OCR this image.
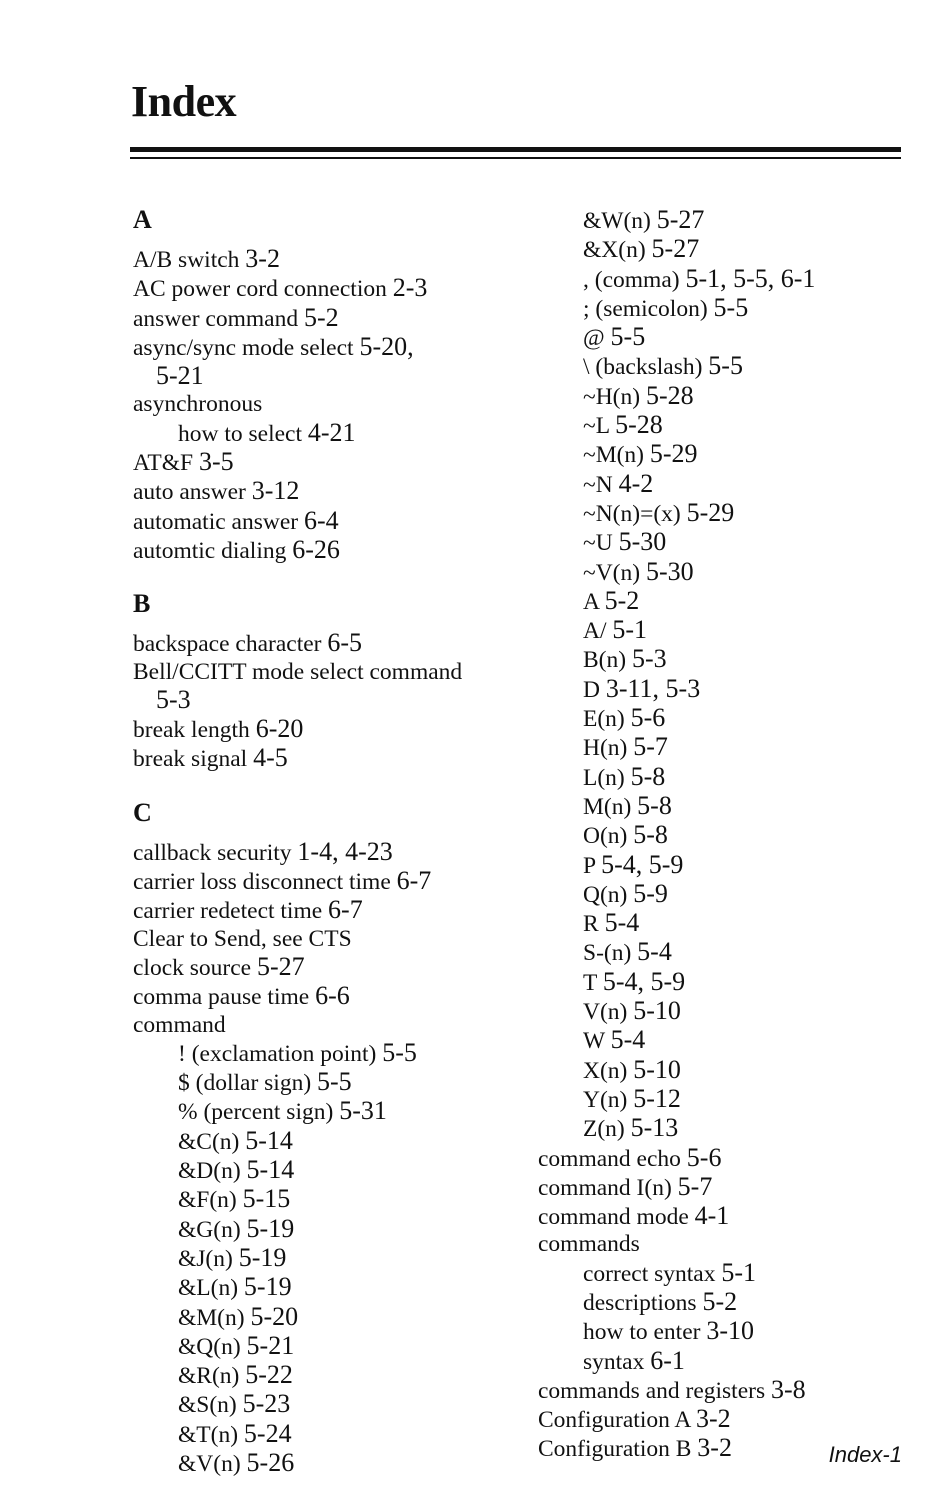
Index
A
A/B switch 3-2
AC power cord connection 2-3
answer command 5-2
async/sync mode select 5-20,
5-21
asynchronous
how to select 4-21
AT&F 3-5
auto answer 3-12
automatic answer 6-4
automtic dialing 6-26
B
backspace character 6-5
Bell/CCITT mode select command
5-3
break length 6-20
break signal 4-5
C
callback security 1-4, 4-23
carrier loss disconnect time 6-7
carrier redetect time 6-7
Clear to Send, see CTS
clock source 5-27
comma pause time 6-6
command
! (exclamation point) 5-5
$ (dollar sign) 5-5
% (percent sign) 5-31
&C(n) 5-14
&D(n) 5-14
&F(n) 5-15
&G(n) 5-19
&J(n) 5-19
&L(n) 5-19
&M(n) 5-20
&Q(n) 5-21
&R(n) 5-22
&S(n) 5-23
&T(n) 5-24
&V(n) 5-26
&W(n) 5-27
&X(n) 5-27
, (comma) 5-1, 5-5, 6-1
; (semicolon) 5-5
@ 5-5
\ (backslash) 5-5
~H(n) 5-28
~L 5-28
~M(n) 5-29
~N 4-2
~N(n)=(x) 5-29
~U 5-30
~V(n) 5-30
A 5-2
A/ 5-1
B(n) 5-3
D 3-11, 5-3
E(n) 5-6
H(n) 5-7
L(n) 5-8
M(n) 5-8
O(n) 5-8
P 5-4, 5-9
Q(n) 5-9
R 5-4
S-(n) 5-4
T 5-4, 5-9
V(n) 5-10
W 5-4
X(n) 5-10
Y(n) 5-12
Z(n) 5-13
command echo 5-6
command I(n) 5-7
command mode 4-1
commands
correct syntax 5-1
descriptions 5-2
how to enter 3-10
syntax 6-1
commands and registers 3-8
Configuration A 3-2
Configuration B 3-2	Index-1
